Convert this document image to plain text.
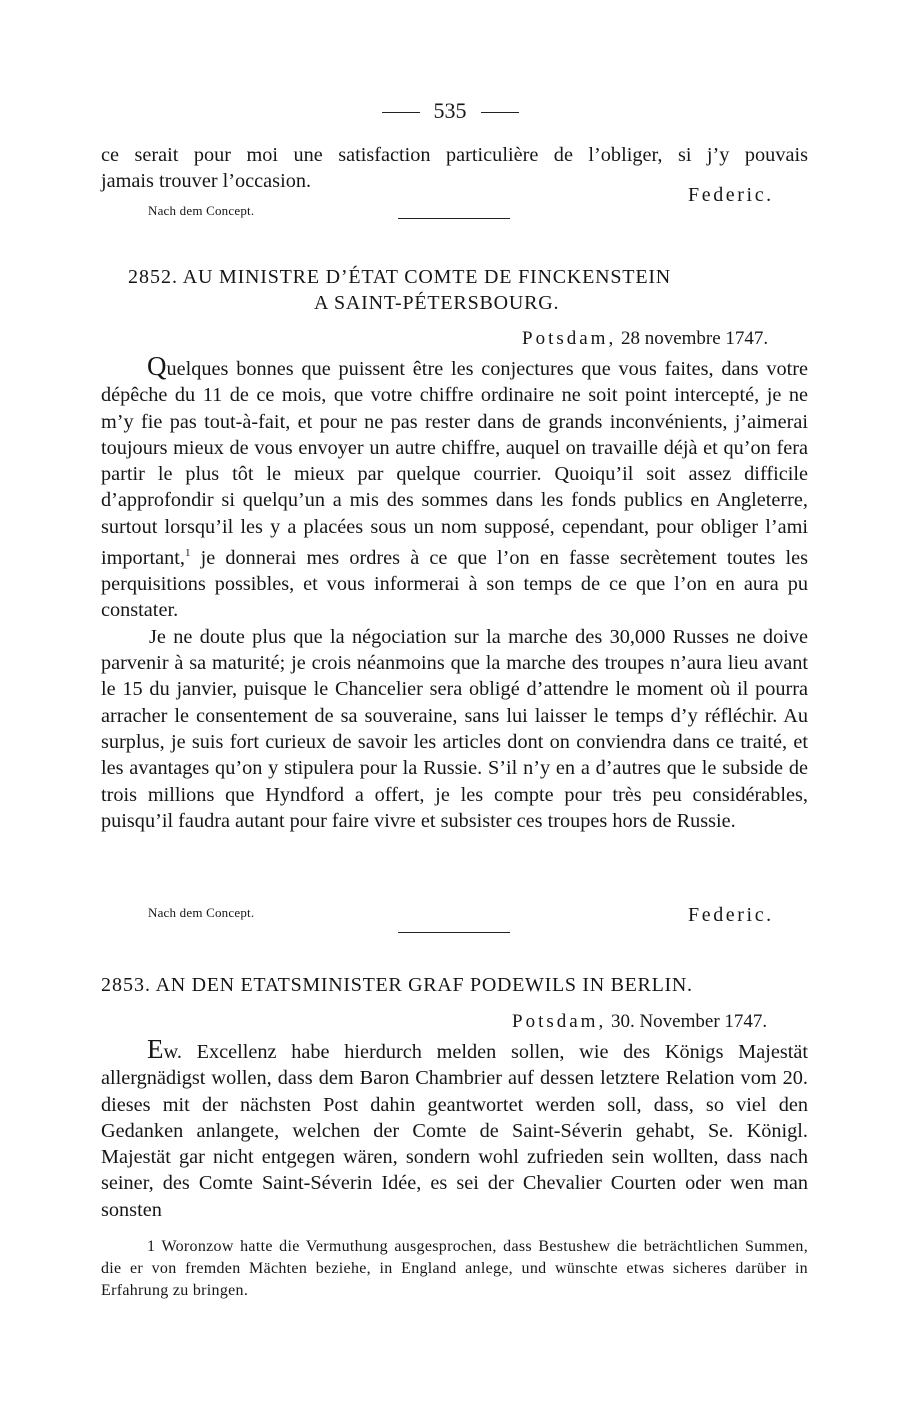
535

ce serait pour moi une satisfaction particulière de l’obliger, si j’y pouvais

jamais trouver l’occasion.
Federic.
Nach dem Concept.
2852. AU MINISTRE D’ÉTAT COMTE DE FINCKENSTEIN
A SAINT-PÉTERSBOURG.
Potsdam, 28 novembre 1747.

Quelques bonnes que puissent être les conjectures que vous faites, dans votre dépêche du 11 de ce mois, que votre chiffre ordinaire ne soit point intercepté, je ne m’y fie pas tout-à-fait, et pour ne pas rester dans de grands inconvénients, j’aimerai toujours mieux de vous envoyer un autre chiffre, auquel on travaille déjà et qu’on fera partir le plus tôt le mieux par quelque courrier. Quoiqu’il soit assez difficile d’approfondir si quelqu’un a mis des sommes dans les fonds publics en Angleterre, surtout lorsqu’il les y a placées sous un nom supposé, cependant, pour obliger l’ami important,$^1$ je donnerai mes ordres à ce que l’on en fasse secrètement toutes les perquisitions possibles, et vous informerai à son temps de ce que l’on en aura pu constater.

Je ne doute plus que la négociation sur la marche des 30,000 Russes ne doive parvenir à sa maturité; je crois néanmoins que la marche des troupes n’aura lieu avant le 15 du janvier, puisque le Chancelier sera obligé d’attendre le moment où il pourra arracher le consentement de sa souveraine, sans lui laisser le temps d’y réfléchir. Au surplus, je suis fort curieux de savoir les articles dont on conviendra dans ce traité, et les avantages qu’on y stipulera pour la Russie. S’il n’y en a d’autres que le subside de trois millions que Hyndford a offert, je les compte pour très peu considérables, puisqu’il faudra autant pour faire vivre et subsister ces troupes hors de Russie.

Nach dem Concept.	Federic.
2853. AN DEN ETATSMINISTER GRAF PODEWILS IN BERLIN.
Potsdam, 30. November 1747.

Ew. Excellenz habe hierdurch melden sollen, wie des Königs Majestät allergnädigst wollen, dass dem Baron Chambrier auf dessen letztere Relation vom 20. dieses mit der nächsten Post dahin geantwortet werden soll, dass, so viel den Gedanken anlangete, welchen der Comte de Saint-Séverin gehabt, Se. Königl. Majestät gar nicht entgegen wären, sondern wohl zufrieden sein wollten, dass nach seiner, des Comte Saint-Séverin Idée, es sei der Chevalier Courten oder wen man sonsten

1 Woronzow hatte die Vermuthung ausgesprochen, dass Bestushew die beträchtlichen Summen, die er von fremden Mächten beziehe, in England anlege, und wünschte etwas sicheres darüber in Erfahrung zu bringen.
